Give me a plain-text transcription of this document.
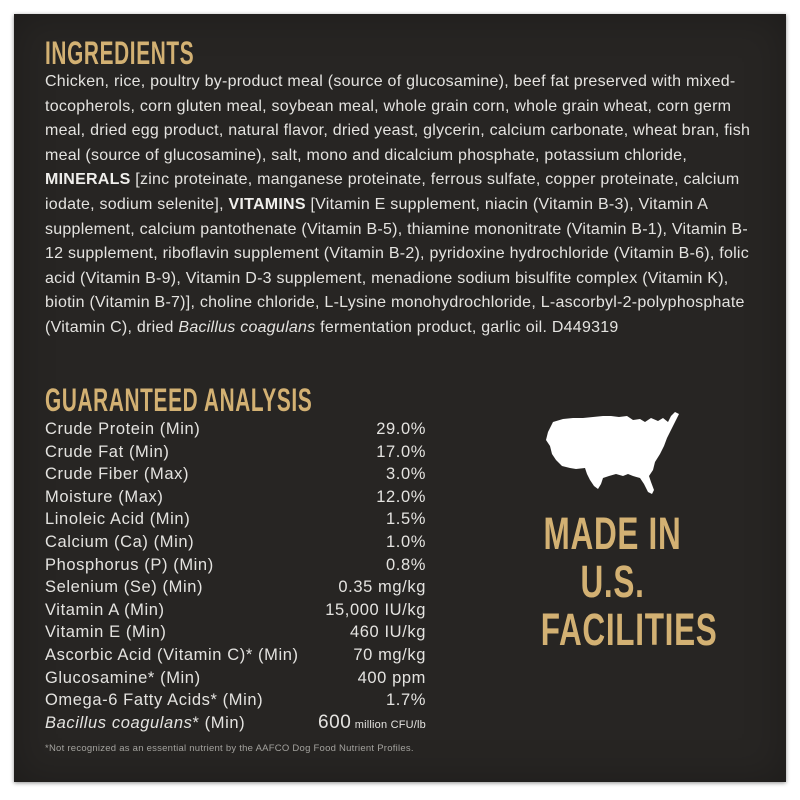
INGREDIENTS

Chicken, rice, poultry by-product meal (source of glucosamine), beef fat preserved with mixed-tocopherols, corn gluten meal, soybean meal, whole grain corn, whole grain wheat, corn germ meal, dried egg product, natural flavor, dried yeast, glycerin, calcium carbonate, wheat bran, fish meal (source of glucosamine), salt, mono and dicalcium phosphate, potassium chloride, MINERALS [zinc proteinate, manganese proteinate, ferrous sulfate, copper proteinate, calcium iodate, sodium selenite], VITAMINS [Vitamin E supplement, niacin (Vitamin B-3), Vitamin A supplement, calcium pantothenate (Vitamin B-5), thiamine mononitrate (Vitamin B-1), Vitamin B-12 supplement, riboflavin supplement (Vitamin B-2), pyridoxine hydrochloride (Vitamin B-6), folic acid (Vitamin B-9), Vitamin D-3 supplement, menadione sodium bisulfite complex (Vitamin K), biotin (Vitamin B-7)], choline chloride, L-Lysine monohydrochloride, L-ascorbyl-2-polyphosphate (Vitamin C), dried Bacillus coagulans fermentation product, garlic oil. D449319

GUARANTEED ANALYSIS
Crude Protein (Min)	29.0%
Crude Fat (Min)	17.0%
Crude Fiber (Max)	3.0%
Moisture (Max)	12.0%
Linoleic Acid (Min)	1.5%
Calcium (Ca) (Min)	1.0%
Phosphorus (P) (Min)	0.8%
Selenium (Se) (Min)	0.35 mg/kg
Vitamin A (Min)	15,000 IU/kg
Vitamin E (Min)	460 IU/kg
Ascorbic Acid (Vitamin C)* (Min)	70 mg/kg
Glucosamine* (Min)	400 ppm
Omega-6 Fatty Acids* (Min)	1.7%
Bacillus coagulans* (Min)	600 million CFU/lb
*Not recognized as an essential nutrient by the AAFCO Dog Food Nutrient Profiles.
MADE IN
U.S.
FACILITIES
